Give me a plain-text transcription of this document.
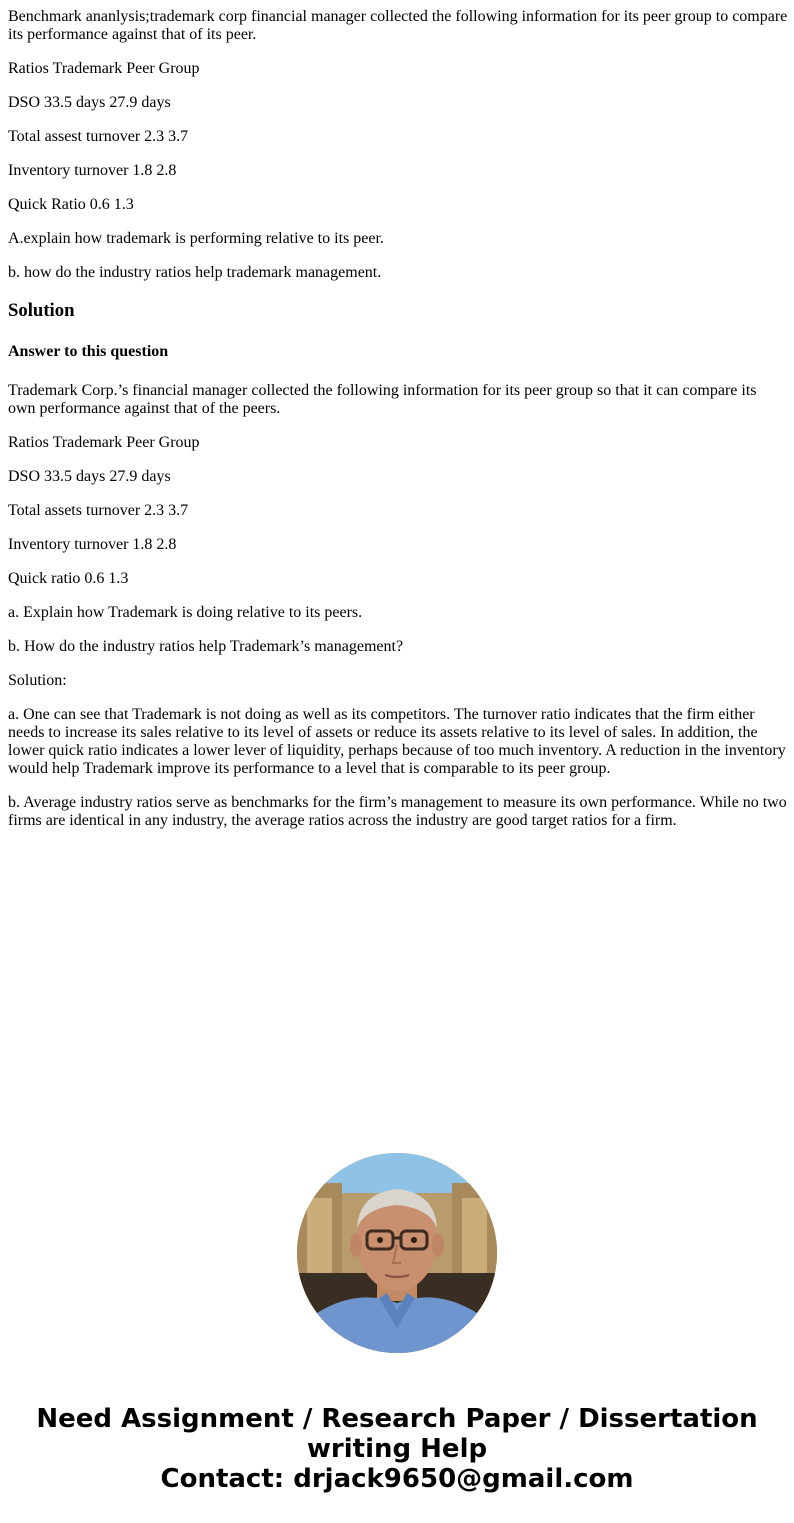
Benchmark ananlysis;trademark corp financial manager collected the following information for its peer group to compare its performance against that of its peer.

Ratios Trademark Peer Group

DSO 33.5 days 27.9 days

Total assest turnover 2.3 3.7

Inventory turnover 1.8 2.8

Quick Ratio 0.6 1.3

A.explain how trademark is performing relative to its peer.

b. how do the industry ratios help trademark management.

Solution
Answer to this question

Trademark Corp.’s financial manager collected the following information for its peer group so that it can compare its own performance against that of the peers.

Ratios Trademark Peer Group

DSO 33.5 days 27.9 days

Total assets turnover 2.3 3.7

Inventory turnover 1.8 2.8

Quick ratio 0.6 1.3

a. Explain how Trademark is doing relative to its peers.

b. How do the industry ratios help Trademark’s management?

Solution:

a. One can see that Trademark is not doing as well as its competitors. The turnover ratio indicates that the firm either needs to increase its sales relative to its level of assets or reduce its assets relative to its level of sales. In addition, the lower quick ratio indicates a lower lever of liquidity, perhaps because of too much inventory. A reduction in the inventory would help Trademark improve its performance to a level that is comparable to its peer group.

b. Average industry ratios serve as benchmarks for the firm’s management to measure its own performance. While no two firms are identical in any industry, the average ratios across the industry are good target ratios for a firm.

Need Assignment / Research Paper / Dissertation
writing Help
Contact: drjack9650@gmail.com
